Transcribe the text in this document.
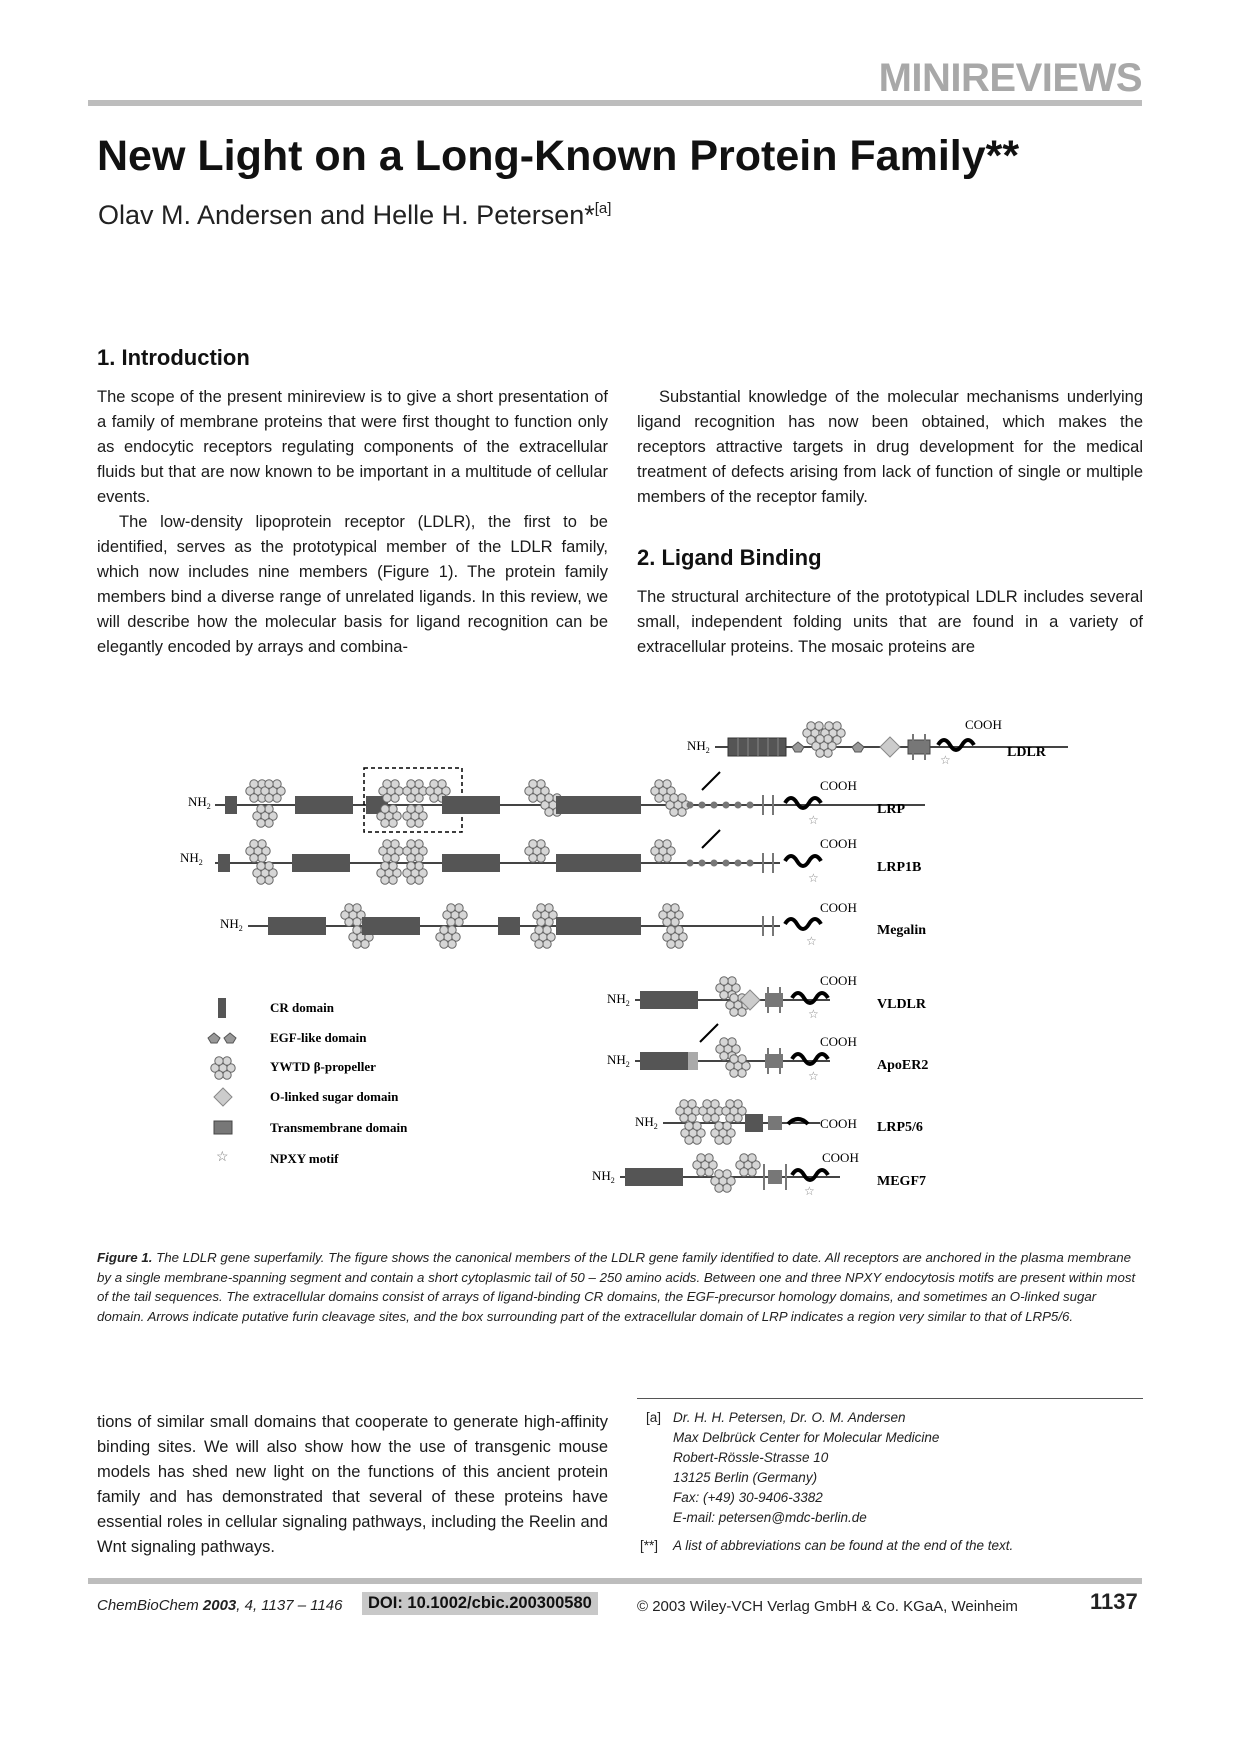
MINIREVIEWS
New Light on a Long-Known Protein Family**
Olav M. Andersen and Helle H. Petersen*[a]
1. Introduction

The scope of the present minireview is to give a short presentation of a family of membrane proteins that were first thought to function only as endocytic receptors regulating components of the extracellular fluids but that are now known to be important in a multitude of cellular events.

The low-density lipoprotein receptor (LDLR), the first to be identified, serves as the prototypical member of the LDLR family, which now includes nine members (Figure 1). The protein family members bind a diverse range of unrelated ligands. In this review, we will describe how the molecular basis for ligand recognition can be elegantly encoded by arrays and combina-

Substantial knowledge of the molecular mechanisms underlying ligand recognition has now been obtained, which makes the receptors attractive targets in drug development for the medical treatment of defects arising from lack of function of single or multiple members of the receptor family.

2. Ligand Binding

The structural architecture of the prototypical LDLR includes several small, independent folding units that are found in a variety of extracellular proteins. The mosaic proteins are

$NH_2$
☆
COOH
LDLR
$NH_2$
☆
COOH
LRP
$NH_2$
☆
COOH
LRP1B
$NH_2$
☆
COOH
Megalin
CR domain
EGF-like domain
YWTD β-propeller
O-linked sugar domain
Transmembrane domain
☆	NPXY motif
$NH_2$
☆
COOH
VLDLR
$NH_2$
☆
COOH
ApoER2
$NH_2$	COOH LRP5/6
$NH_2$
☆
COOH
MEGF7
Figure 1. The LDLR gene superfamily. The figure shows the canonical members of the LDLR gene family identified to date. All receptors are anchored in the plasma membrane by a single membrane-spanning segment and contain a short cytoplasmic tail of 50 – 250 amino acids. Between one and three NPXY endocytosis motifs are present within most of the tail sequences. The extracellular domains consist of arrays of ligand-binding CR domains, the EGF-precursor homology domains, and sometimes an O-linked sugar domain. Arrows indicate putative furin cleavage sites, and the box surrounding part of the extracellular domain of LRP indicates a region very similar to that of LRP5/6.

tions of similar small domains that cooperate to generate high-affinity binding sites. We will also show how the use of transgenic mouse models has shed new light on the functions of this ancient protein family and has demonstrated that several of these proteins have essential roles in cellular signaling pathways, including the Reelin and Wnt signaling pathways.

[a] Dr. H. H. Petersen, Dr. O. M. Andersen
Max Delbrück Center for Molecular Medicine
Robert-Rössle-Strasse 10
13125 Berlin (Germany)
Fax: (+49) 30-9406-3382
E-mail: petersen@mdc-berlin.de
[**] A list of abbreviations can be found at the end of the text.
ChemBioChem 2003, 4, 1137 – 1146	DOI: 10.1002/cbic.200300580	© 2003 Wiley-VCH Verlag GmbH & Co. KGaA, Weinheim	1137
